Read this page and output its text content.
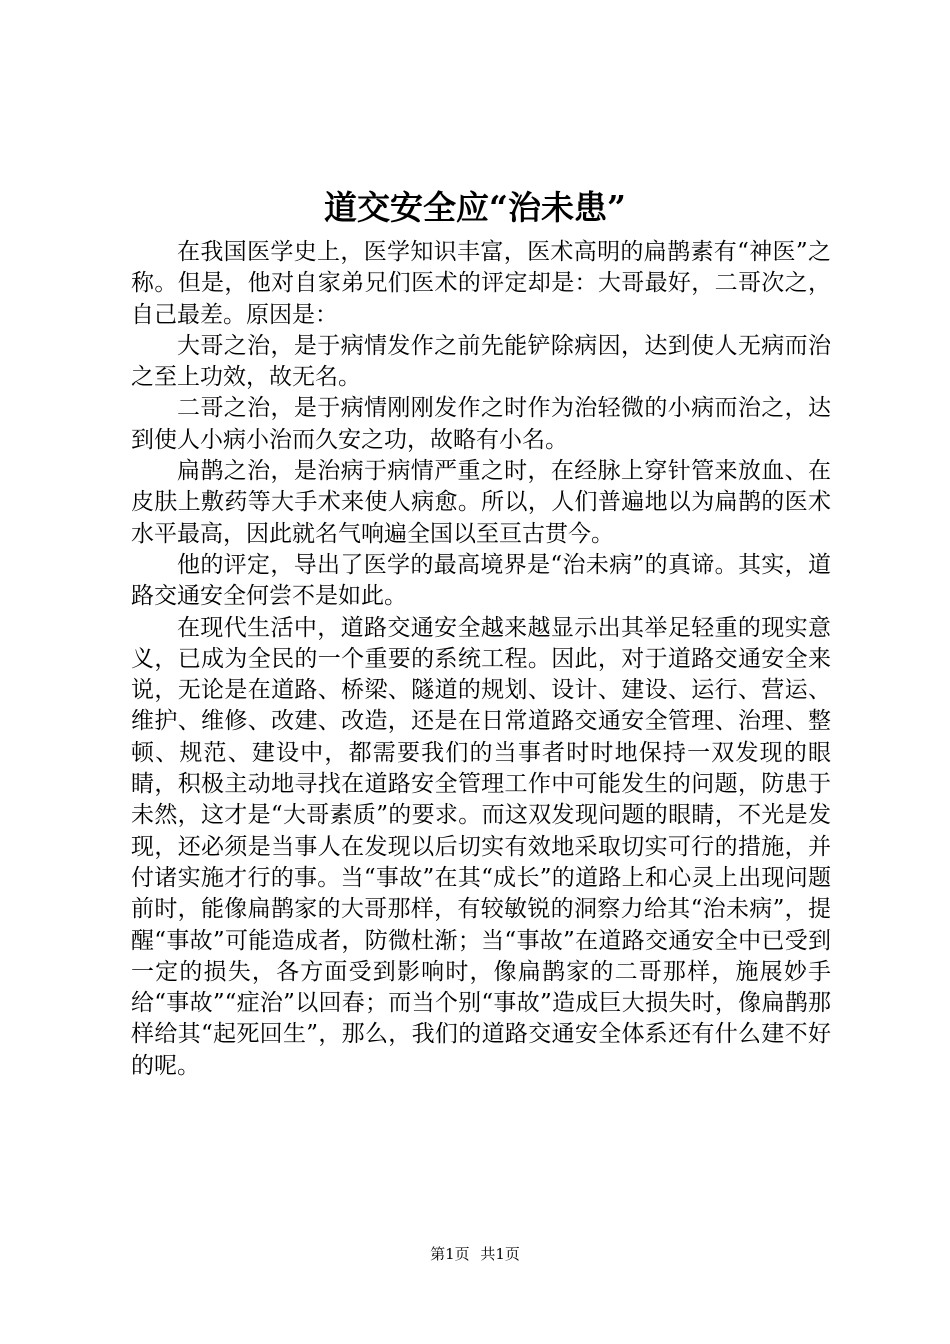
道交安全应“治未患”

在我国医学史上，医学知识丰富，医术高明的扁鹊素有“神医”之称。但是，他对自家弟兄们医术的评定却是：大哥最好，二哥次之，自己最差。原因是：

大哥之治，是于病情发作之前先能铲除病因，达到使人无病而治之至上功效，故无名。

二哥之治，是于病情刚刚发作之时作为治轻微的小病而治之，达到使人小病小治而久安之功，故略有小名。

扁鹊之治，是治病于病情严重之时，在经脉上穿针管来放血、在皮肤上敷药等大手术来使人病愈。所以，人们普遍地以为扁鹊的医术水平最高，因此就名气响遍全国以至亘古贯今。

他的评定，导出了医学的最高境界是“治未病”的真谛。其实，道路交通安全何尝不是如此。

在现代生活中，道路交通安全越来越显示出其举足轻重的现实意义，已成为全民的一个重要的系统工程。因此，对于道路交通安全来说，无论是在道路、桥梁、隧道的规划、设计、建设、运行、营运、维护、维修、改建、改造，还是在日常道路交通安全管理、治理、整顿、规范、建设中，都需要我们的当事者时时地保持一双发现的眼睛，积极主动地寻找在道路安全管理工作中可能发生的问题，防患于未然，这才是“大哥素质”的要求。而这双发现问题的眼睛，不光是发现，还必须是当事人在发现以后切实有效地采取切实可行的措施，并付诸实施才行的事。当“事故”在其“成长”的道路上和心灵上出现问题前时，能像扁鹊家的大哥那样，有较敏锐的洞察力给其“治未病”，提醒“事故”可能造成者，防微杜渐；当“事故”在道路交通安全中已受到一定的损失，各方面受到影响时，像扁鹊家的二哥那样，施展妙手给“事故”“症治”以回春；而当个别“事故”造成巨大损失时，像扁鹊那样给其“起死回生”，那么，我们的道路交通安全体系还有什么建不好的呢。

第1页 共1页
